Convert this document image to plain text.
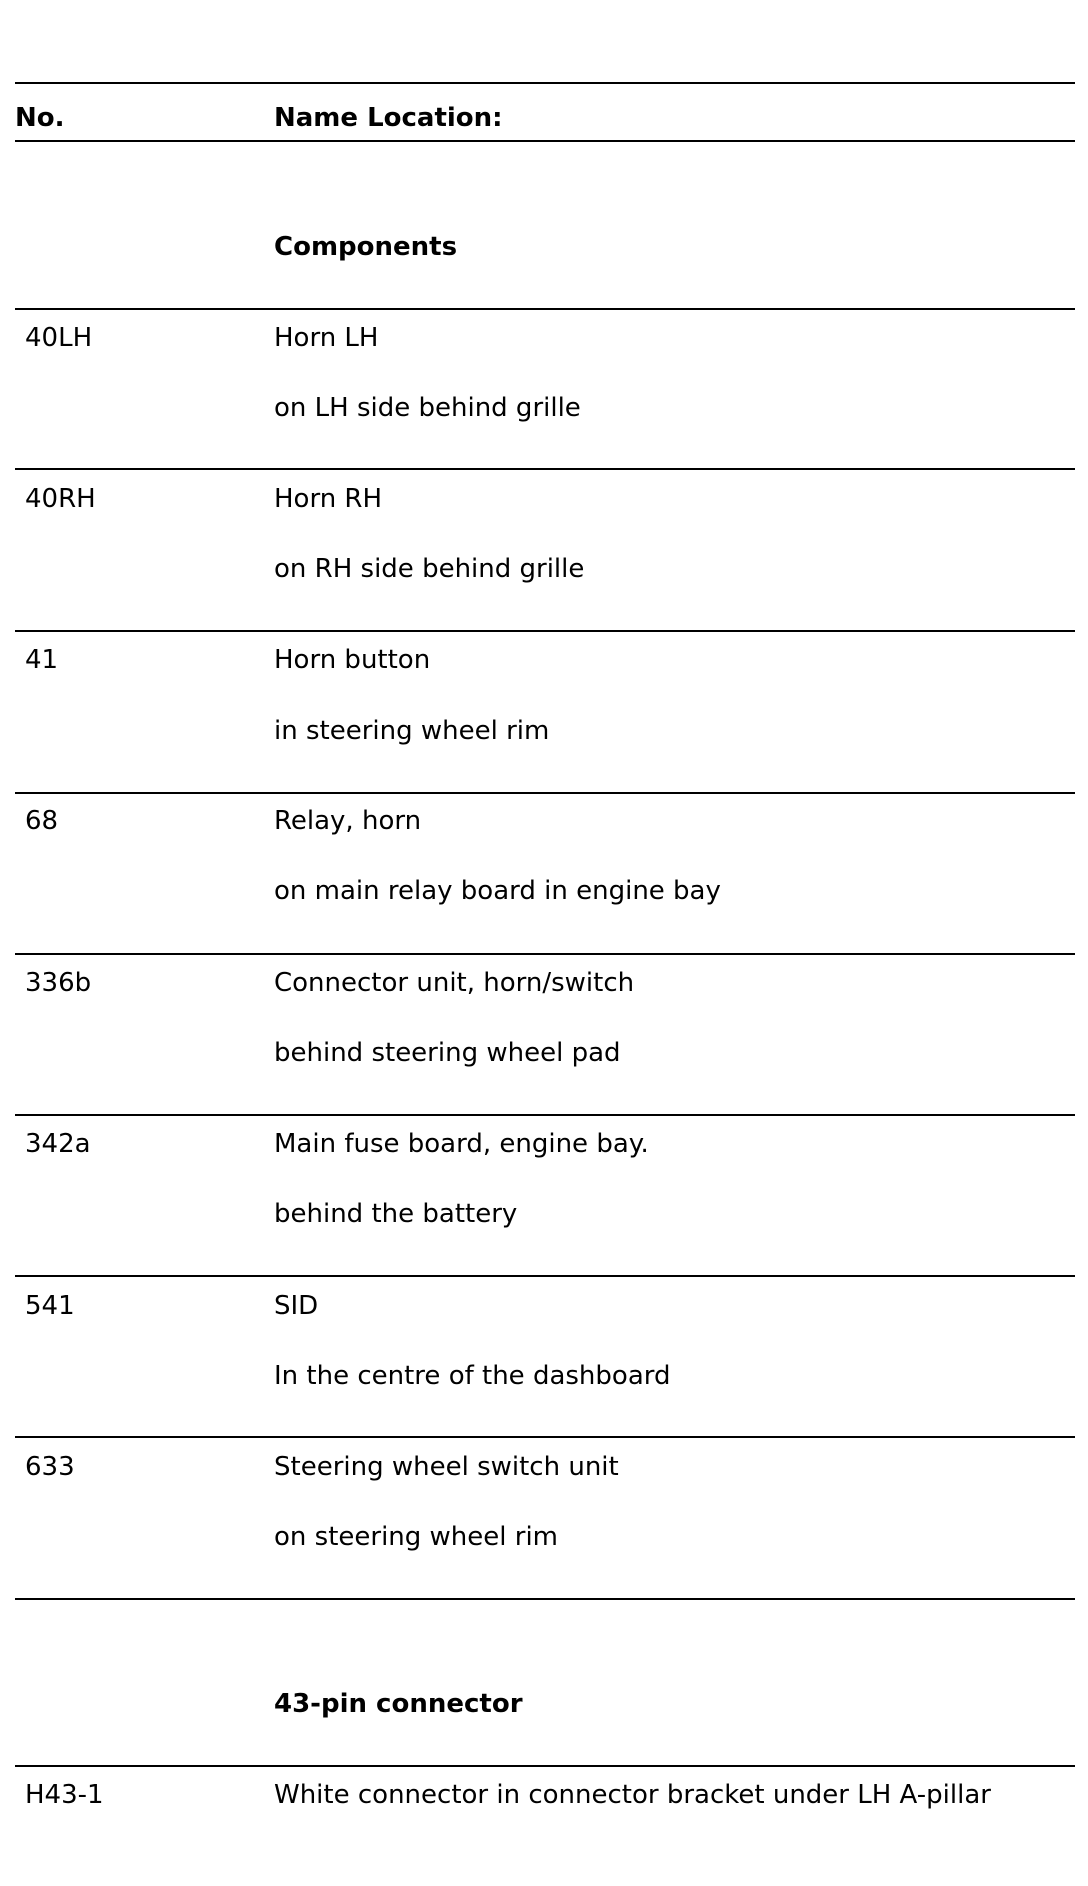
No.	Name Location:
Components
40LH	Horn LH
on LH side behind grille
40RH	Horn RH
on RH side behind grille
41	Horn button
in steering wheel rim
68	Relay, horn
on main relay board in engine bay
336b	Connector unit, horn/switch
behind steering wheel pad
342a	Main fuse board, engine bay.
behind the battery
541	SID
In the centre of the dashboard
633	Steering wheel switch unit
on steering wheel rim
43-pin connector
H43-1	White connector in connector bracket under LH A-pillar
